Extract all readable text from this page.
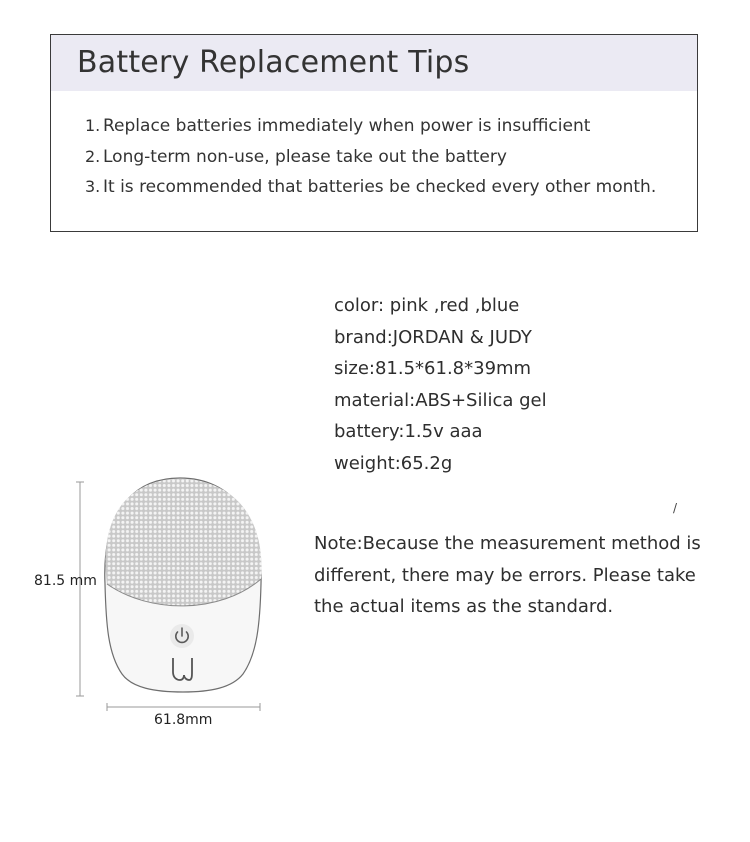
Battery Replacement Tips
1. Replace batteries immediately when power is insufficient
2. Long-term non-use, please take out the battery
3. It is recommended that batteries be checked every other month.
color: pink ,red ,blue
brand:JORDAN & JUDY
size:81.5*61.8*39mm
material:ABS+Silica gel
battery:1.5v aaa
weight:65.2g
/
Note:Because the measurement method is different, there may be errors. Please take the actual items as the standard.
81.5 mm
61.8mm
